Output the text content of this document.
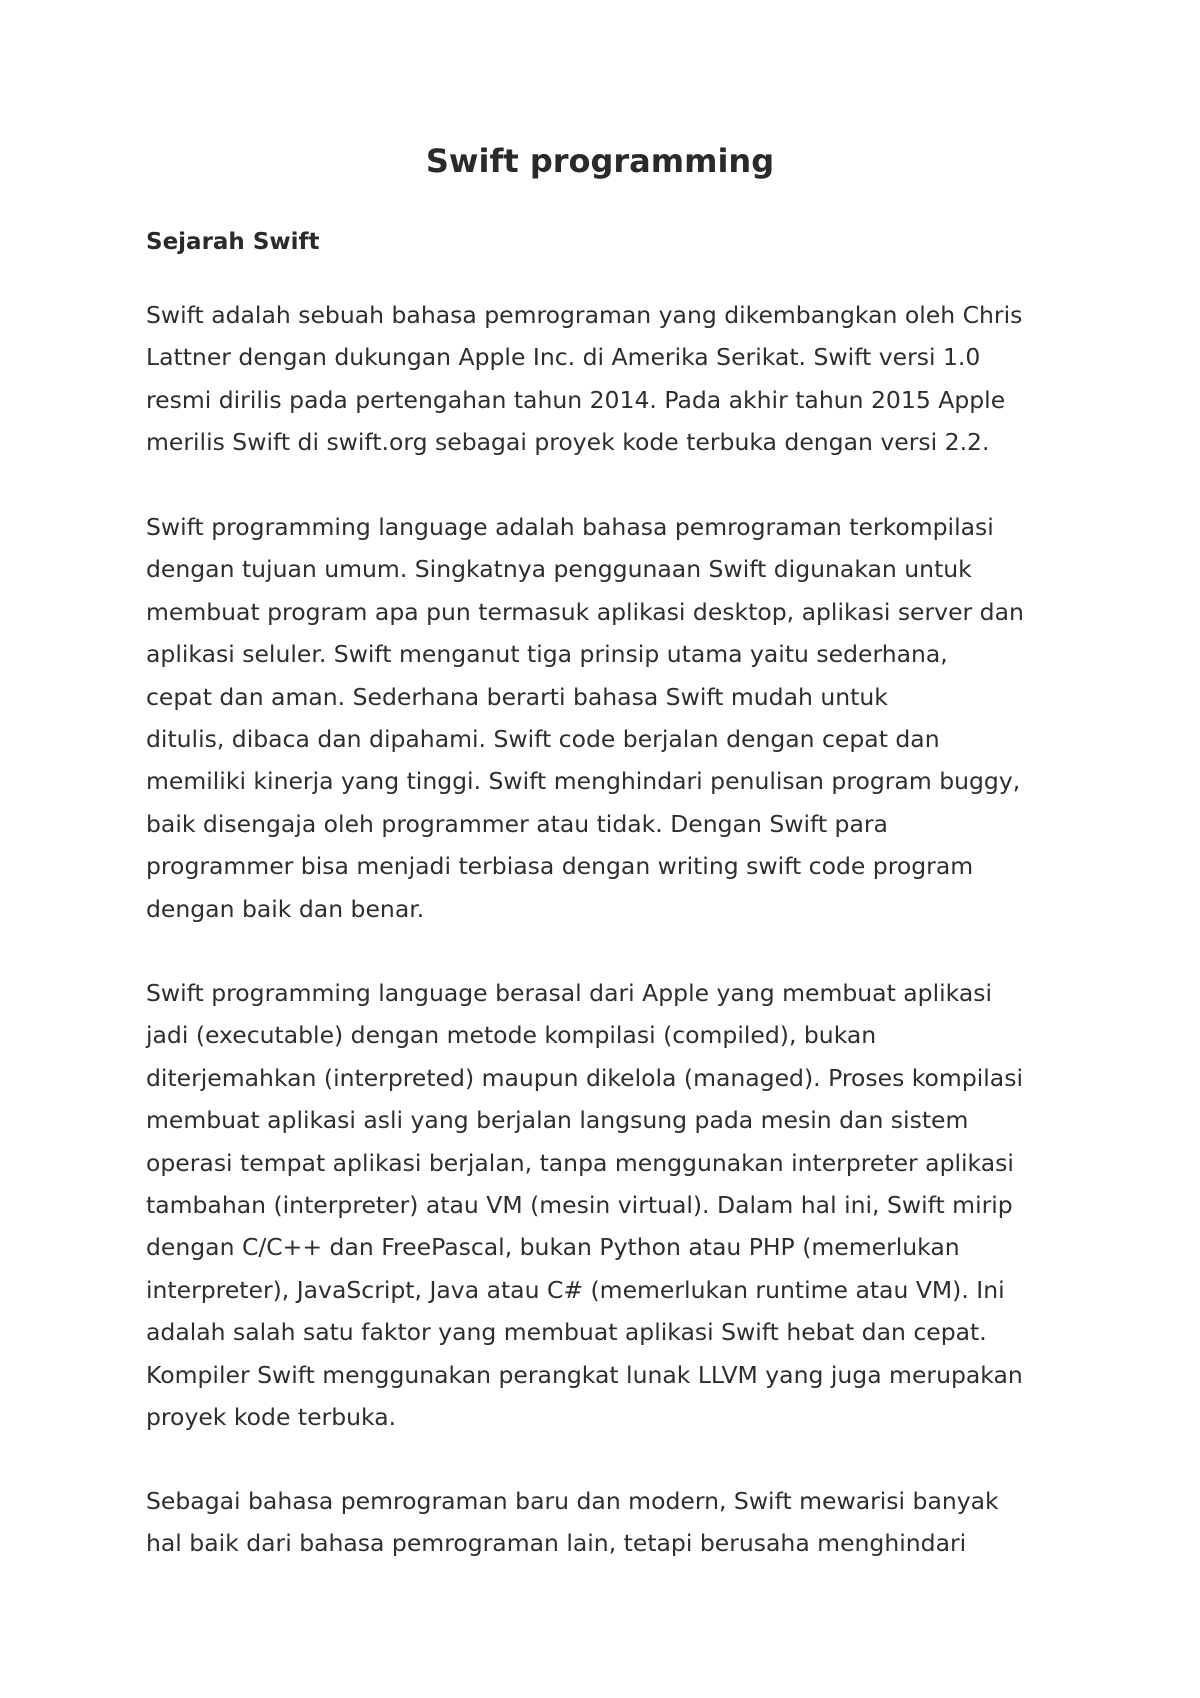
Swift programming
Sejarah Swift

Swift adalah sebuah bahasa pemrograman yang dikembangkan oleh Chris
Lattner dengan dukungan Apple Inc. di Amerika Serikat. Swift versi 1.0
resmi dirilis pada pertengahan tahun 2014. Pada akhir tahun 2015 Apple
merilis Swift di swift.org sebagai proyek kode terbuka dengan versi 2.2.

Swift programming language adalah bahasa pemrograman terkompilasi
dengan tujuan umum. Singkatnya penggunaan Swift digunakan untuk
membuat program apa pun termasuk aplikasi desktop, aplikasi server dan
aplikasi seluler. Swift menganut tiga prinsip utama yaitu sederhana,
cepat dan aman. Sederhana berarti bahasa Swift mudah untuk
ditulis, dibaca dan dipahami. Swift code berjalan dengan cepat dan
memiliki kinerja yang tinggi. Swift menghindari penulisan program buggy,
baik disengaja oleh programmer atau tidak. Dengan Swift para
programmer bisa menjadi terbiasa dengan writing swift code program
dengan baik dan benar.

Swift programming language berasal dari Apple yang membuat aplikasi
jadi (executable) dengan metode kompilasi (compiled), bukan
diterjemahkan (interpreted) maupun dikelola (managed). Proses kompilasi
membuat aplikasi asli yang berjalan langsung pada mesin dan sistem
operasi tempat aplikasi berjalan, tanpa menggunakan interpreter aplikasi
tambahan (interpreter) atau VM (mesin virtual). Dalam hal ini, Swift mirip
dengan C/C++ dan FreePascal, bukan Python atau PHP (memerlukan
interpreter), JavaScript, Java atau C# (memerlukan runtime atau VM). Ini
adalah salah satu faktor yang membuat aplikasi Swift hebat dan cepat.
Kompiler Swift menggunakan perangkat lunak LLVM yang juga merupakan
proyek kode terbuka.

Sebagai bahasa pemrograman baru dan modern, Swift mewarisi banyak
hal baik dari bahasa pemrograman lain, tetapi berusaha menghindari
